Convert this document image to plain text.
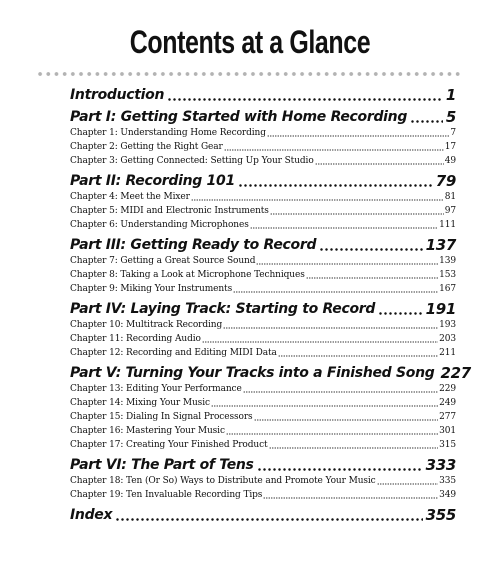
Contents at a Glance
Introduction	1
Part I: Getting Started with Home Recording	5
Chapter 1: Understanding Home Recording	7
Chapter 2: Getting the Right Gear	17
Chapter 3: Getting Connected: Setting Up Your Studio	49
Part II: Recording 101	79
Chapter 4: Meet the Mixer	81
Chapter 5: MIDI and Electronic Instruments	97
Chapter 6: Understanding Microphones	111
Part III: Getting Ready to Record	137
Chapter 7: Getting a Great Source Sound	139
Chapter 8: Taking a Look at Microphone Techniques	153
Chapter 9: Miking Your Instruments	167
Part IV: Laying Track: Starting to Record	191
Chapter 10: Multitrack Recording	193
Chapter 11: Recording Audio	203
Chapter 12: Recording and Editing MIDI Data	211
Part V: Turning Your Tracks into a Finished Song 227
Chapter 13: Editing Your Performance	229
Chapter 14: Mixing Your Music	249
Chapter 15: Dialing In Signal Processors	277
Chapter 16: Mastering Your Music	301
Chapter 17: Creating Your Finished Product	315
Part VI: The Part of Tens	333
Chapter 18: Ten (Or So) Ways to Distribute and Promote Your Music	335
Chapter 19: Ten Invaluable Recording Tips	349
Index	355
